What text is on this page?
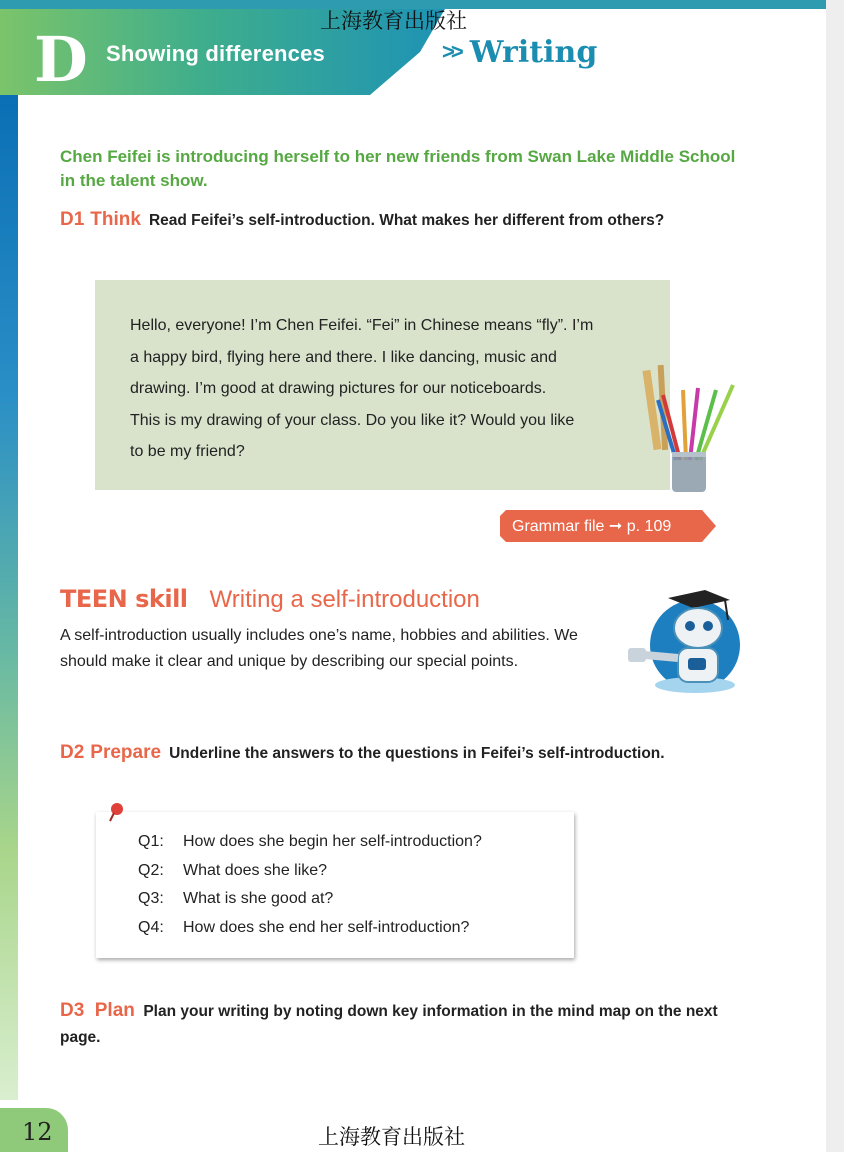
D Showing differences
上海教育出版社
>> Writing
Chen Feifei is introducing herself to her new friends from Swan Lake Middle School in the talent show.
D1 Think Read Feifei’s self-introduction. What makes her different from others?
Hello, everyone! I’m Chen Feifei. “Fei” in Chinese means “fly”. I’m
a happy bird, flying here and there. I like dancing, music and
drawing. I’m good at drawing pictures for our noticeboards.
This is my drawing of your class. Do you like it? Would you like
to be my friend?
Grammar file ➞ p. 109
TEEN skill Writing a self-introduction
A self-introduction usually includes one’s name, hobbies and abilities. We should make it clear and unique by describing our special points.
D2 Prepare Underline the answers to the questions in Feifei’s self-introduction.
Q1:	How does she begin her self-introduction?
Q2:	What does she like?
Q3:	What is she good at?
Q4:	How does she end her self-introduction?
D3 Plan Plan your writing by noting down key information in the mind map on the next page.
12	上海教育出版社
